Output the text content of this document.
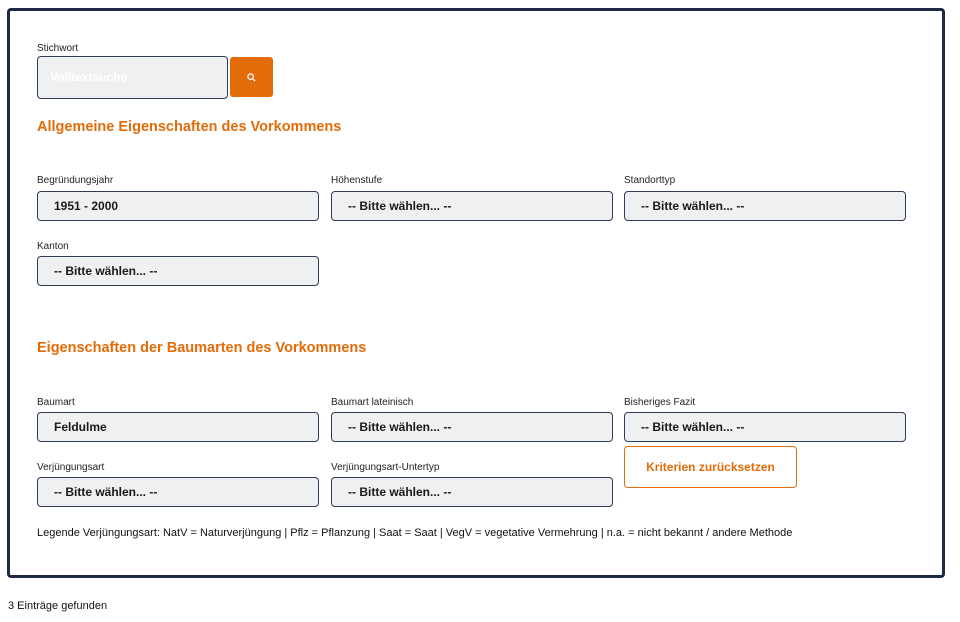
Stichwort
Volltextsuche
Allgemeine Eigenschaften des Vorkommens
Begründungsjahr
1951 - 2000
Höhenstufe
-- Bitte wählen... --
Standorttyp
-- Bitte wählen... --
Kanton
-- Bitte wählen... --
Eigenschaften der Baumarten des Vorkommens
Baumart
Feldulme
Baumart lateinisch
-- Bitte wählen... --
Bisheriges Fazit
-- Bitte wählen... --
Verjüngungsart
-- Bitte wählen... --
Verjüngungsart-Untertyp
-- Bitte wählen... --
Kriterien zurücksetzen
Legende Verjüngungsart: NatV = Naturverjüngung | Pflz = Pflanzung | Saat = Saat | VegV = vegetative Vermehrung | n.a. = nicht bekannt / andere Methode
3 Einträge gefunden
